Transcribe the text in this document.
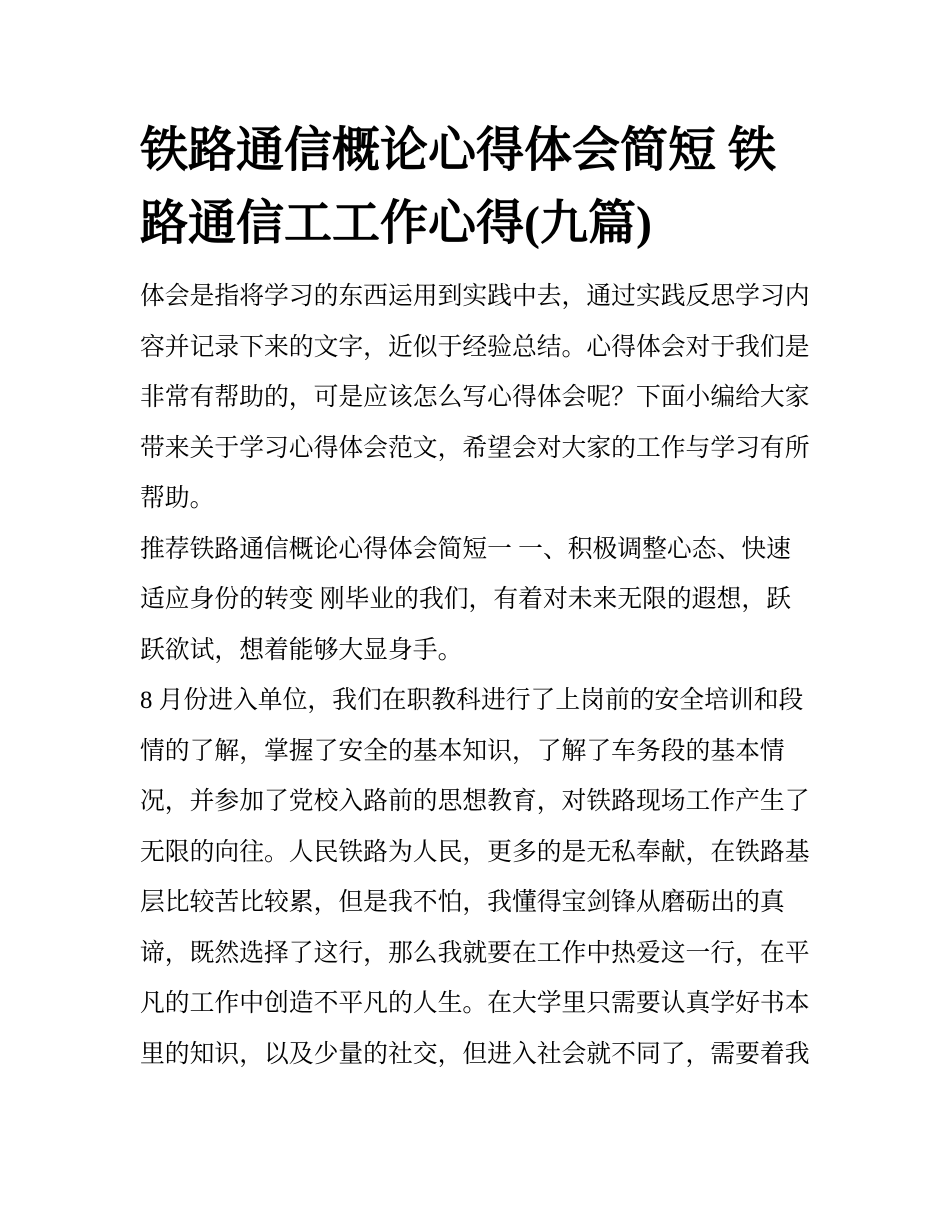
铁路通信概论心得体会简短 铁路通信工工作心得(九篇)

体会是指将学习的东西运用到实践中去，通过实践反思学习内容并记录下来的文字，近似于经验总结。心得体会对于我们是非常有帮助的，可是应该怎么写心得体会呢？下面小编给大家带来关于学习心得体会范文，希望会对大家的工作与学习有所帮助。

推荐铁路通信概论心得体会简短一 一、积极调整心态、快速适应身份的转变 刚毕业的我们，有着对未来无限的遐想，跃跃欲试，想着能够大显身手。

8 月份进入单位，我们在职教科进行了上岗前的安全培训和段情的了解，掌握了安全的基本知识，了解了车务段的基本情况，并参加了党校入路前的思想教育，对铁路现场工作产生了无限的向往。人民铁路为人民，更多的是无私奉献，在铁路基层比较苦比较累，但是我不怕，我懂得宝剑锋从磨砺出的真谛，既然选择了这行，那么我就要在工作中热爱这一行，在平凡的工作中创造不平凡的人生。在大学里只需要认真学好书本里的知识，以及少量的社交，但进入社会就不同了，需要着我
